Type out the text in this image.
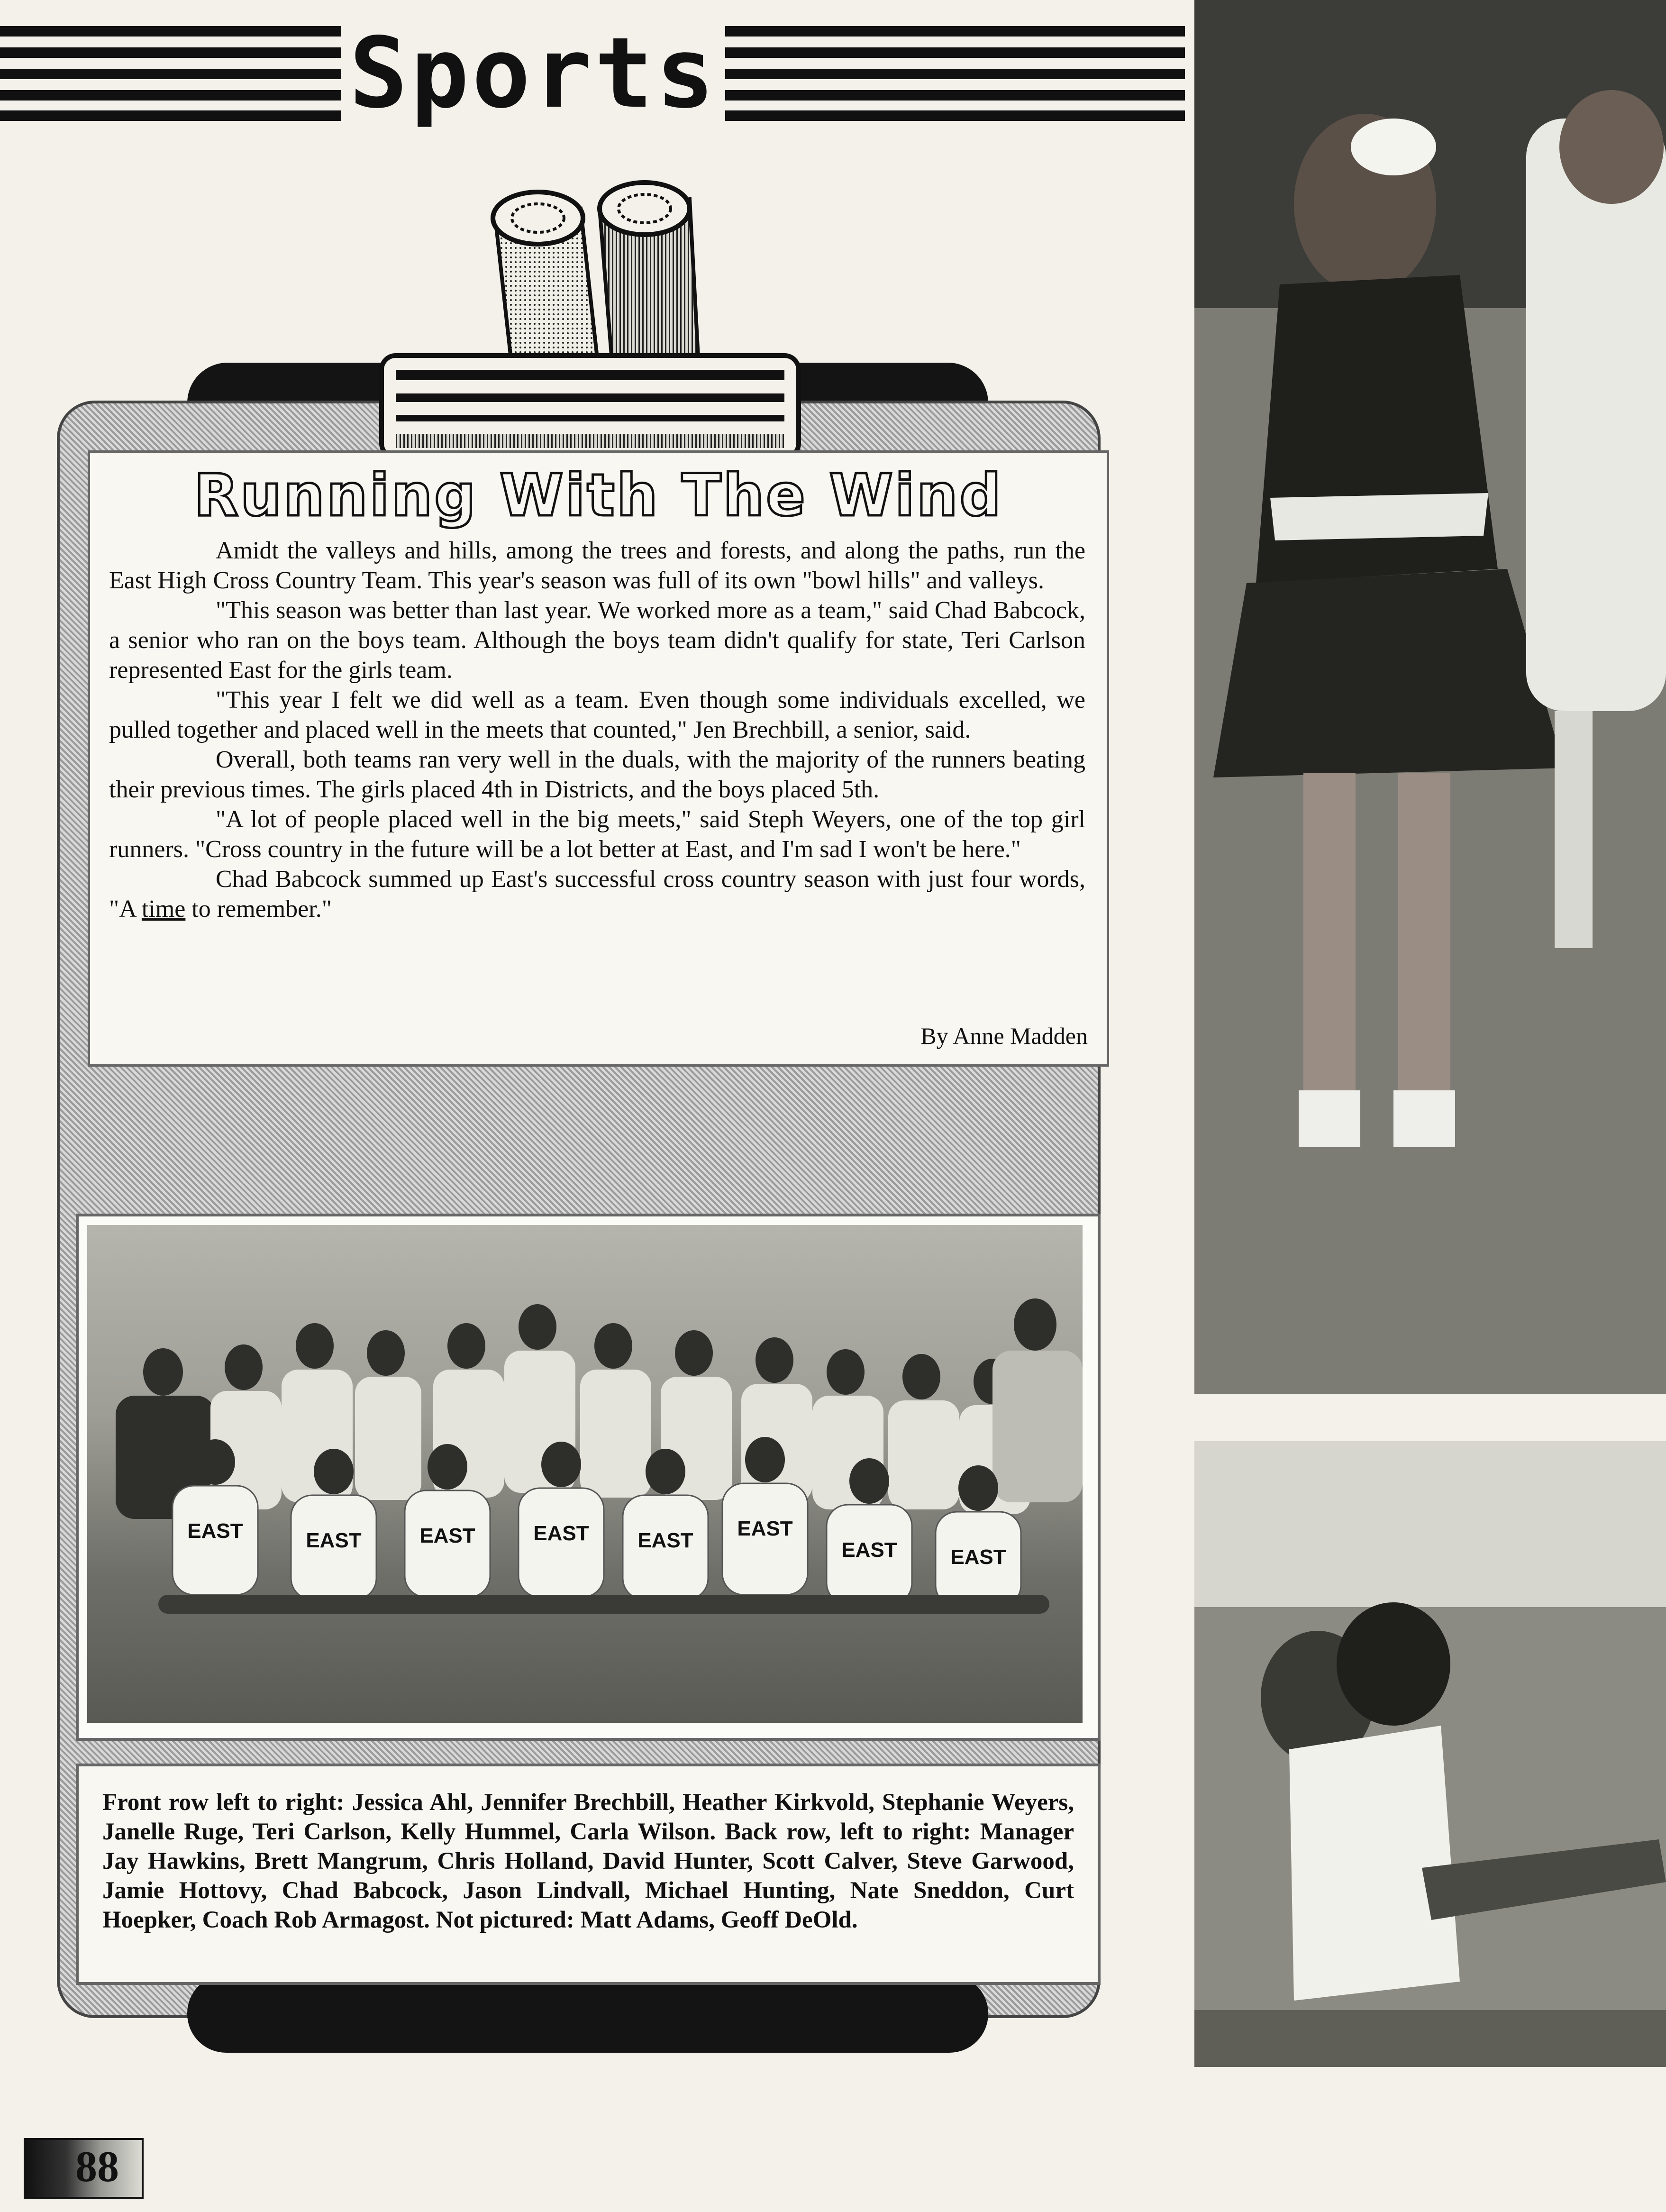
Sports
Running With The Wind

Amidt the valleys and hills, among the trees and forests, and along the paths, run the East High Cross Country Team. This year's season was full of its own "bowl hills" and valleys.

"This season was better than last year. We worked more as a team," said Chad Babcock, a senior who ran on the boys team. Although the boys team didn't qualify for state, Teri Carlson represented East for the girls team.

"This year I felt we did well as a team. Even though some individuals excelled, we pulled together and placed well in the meets that counted," Jen Brechbill, a senior, said.

Overall, both teams ran very well in the duals, with the majority of the runners beating their previous times. The girls placed 4th in Districts, and the boys placed 5th.

"A lot of people placed well in the big meets," said Steph Weyers, one of the top girl runners. "Cross country in the future will be a lot better at East, and I'm sad I won't be here."

Chad Babcock summed up East's successful cross country season with just four words, "A time to remember."

By Anne Madden
EAST	EAST	EAST	EAST EAST
EAST
EAST	EAST
Front row left to right: Jessica Ahl, Jennifer Brechbill, Heather Kirkvold, Stephanie Weyers, Janelle Ruge, Teri Carlson, Kelly Hummel, Carla Wilson. Back row, left to right: Manager Jay Hawkins, Brett Mangrum, Chris Holland, David Hunter, Scott Calver, Steve Garwood, Jamie Hottovy, Chad Babcock, Jason Lindvall, Michael Hunting, Nate Sneddon, Curt Hoepker, Coach Rob Armagost. Not pictured: Matt Adams, Geoff DeOld.
88
